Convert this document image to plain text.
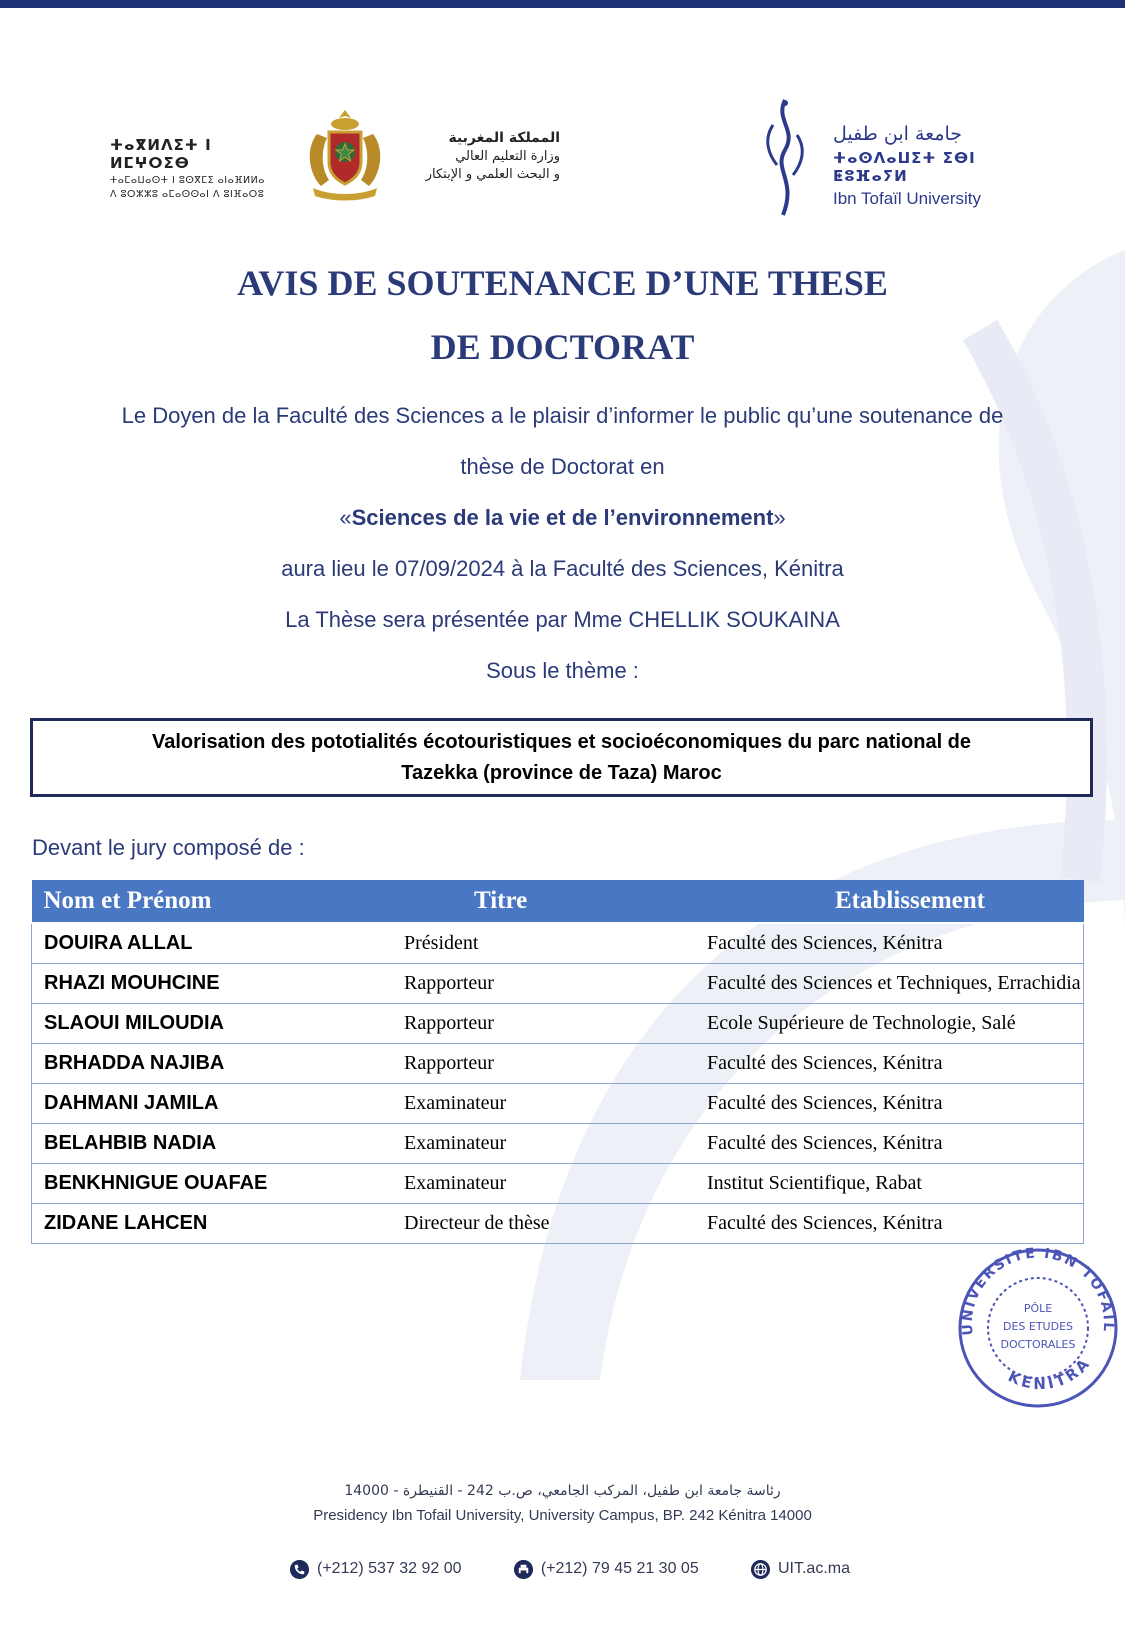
ⵜⴰⴳⵍⴷⵉⵜ ⵏ ⵍⵎⵖⵔⵉⴱ
ⵜⴰⵎⴰⵡⴰⵙⵜ ⵏ ⵓⵙⴳⵎⵉ ⴰⵏⴰⴼⵍⵍⴰ
ⴷ ⵓⵔⵣⵣⵓ ⴰⵎⴰⵙⵙⴰⵏ ⴷ ⵓⵏⴼⴰⵔⵓ
المملكة المغربية
وزارة التعليم العالي
و البحث العلمي و الإبتكار
جامعة ابن طفيل
ⵜⴰⵙⴷⴰⵡⵉⵜ ⵉⴱⵏ ⵟⵓⴼⴰⵢⵍ
Ibn Tofaïl University
AVIS DE SOUTENANCE D’UNE THESE
DE DOCTORAT
Le Doyen de la Faculté des Sciences a le plaisir d’informer le public qu’une soutenance de
thèse de Doctorat en
«Sciences de la vie et de l’environnement»
aura lieu le 07/09/2024 à la Faculté des Sciences, Kénitra
La Thèse sera présentée par Mme CHELLIK SOUKAINA
Sous le thème :
Valorisation des pototialités écotouristiques et socioéconomiques du parc national de
Tazekka (province de Taza) Maroc
Devant le jury composé de :
Nom et Prénom	Titre	Etablissement
DOUIRA ALLAL	Président	Faculté des Sciences, Kénitra
RHAZI MOUHCINE	Rapporteur	Faculté des Sciences et Techniques, Errachidia
SLAOUI MILOUDIA	Rapporteur	Ecole Supérieure de Technologie, Salé
BRHADDA NAJIBA	Rapporteur	Faculté des Sciences, Kénitra
DAHMANI JAMILA	Examinateur	Faculté des Sciences, Kénitra
BELAHBIB NADIA	Examinateur	Faculté des Sciences, Kénitra
BENKHNIGUE OUAFAE	Examinateur	Institut Scientifique, Rabat
ZIDANE LAHCEN	Directeur de thèse	Faculté des Sciences, Kénitra
UNIVERSITE IBN TOFAIL
KENITRA
PÔLE
DES ETUDES
DOCTORALES
رئاسة جامعة ابن طفيل، المركب الجامعي، ص.ب 242 - القنيطرة - 14000
Presidency Ibn Tofail University, University Campus, BP. 242 Kénitra 14000
(+212) 537 32 92 00	(+212) 79 45 21 30 05	UIT.ac.ma
